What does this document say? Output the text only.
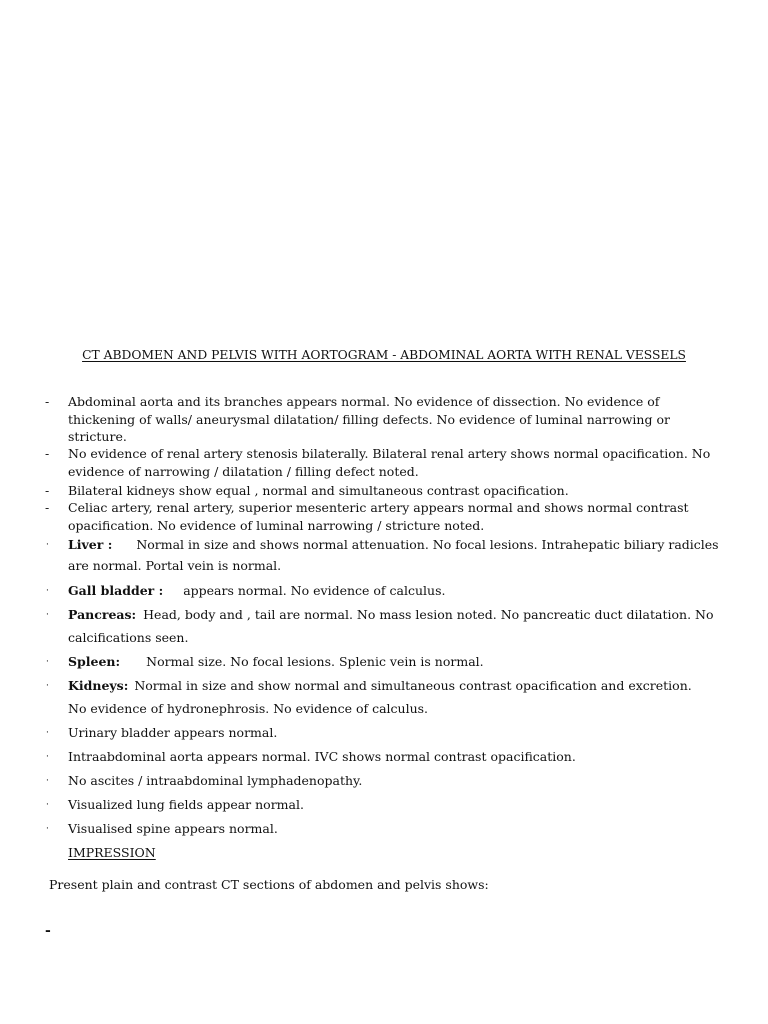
CT ABDOMEN AND PELVIS WITH AORTOGRAM - ABDOMINAL AORTA WITH RENAL VESSELS
-	Abdominal aorta and its branches appears normal. No evidence of dissection. No evidence of
thickening of walls/ aneurysmal dilatation/ filling defects. No evidence of luminal narrowing or
stricture.
-	No evidence of renal artery stenosis bilaterally. Bilateral renal artery shows normal opacification. No
evidence of narrowing / dilatation / filling defect noted.
-	Bilateral kidneys show equal , normal and simultaneous contrast opacification.
-	Celiac artery, renal artery, superior mesenteric artery appears normal and shows normal contrast
opacification. No evidence of luminal narrowing / stricture noted.
·	Liver : Normal in size and shows normal attenuation. No focal lesions. Intrahepatic biliary radicles
are normal. Portal vein is normal.
·	Gall bladder : appears normal. No evidence of calculus.
·	Pancreas: Head, body and , tail are normal. No mass lesion noted. No pancreatic duct dilatation. No
calcifications seen.
·	Spleen: Normal size. No focal lesions. Splenic vein is normal.
·	Kidneys: Normal in size and show normal and simultaneous contrast opacification and excretion.
No evidence of hydronephrosis. No evidence of calculus.
·	Urinary bladder appears normal.
·	Intraabdominal aorta appears normal. IVC shows normal contrast opacification.
·	No ascites / intraabdominal lymphadenopathy.
·	Visualized lung fields appear normal.
·	Visualised spine appears normal.
IMPRESSION
Present plain and contrast CT sections of abdomen and pelvis shows:
-
